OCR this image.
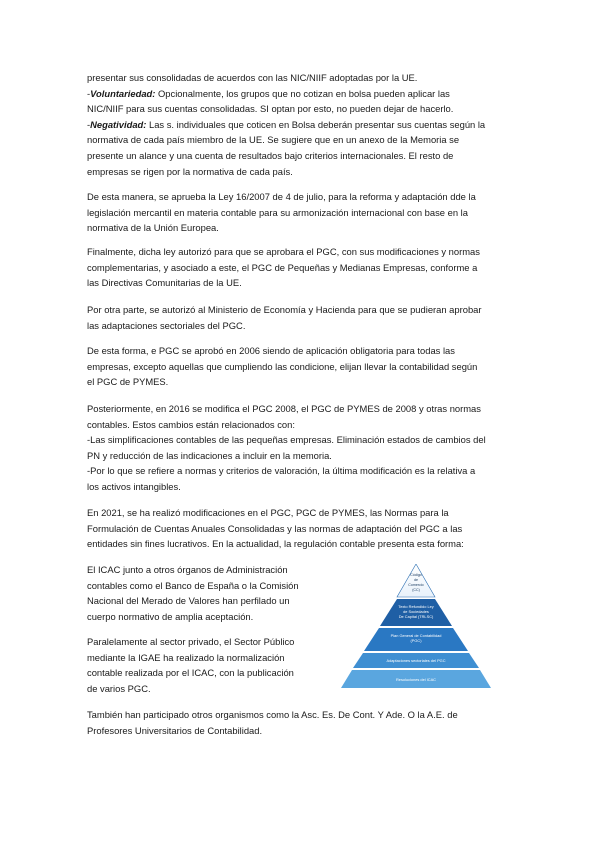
presentar sus consolidadas de acuerdos con las NIC/NIIF adoptadas por la UE.
-Voluntariedad: Opcionalmente, los grupos que no cotizan en bolsa pueden aplicar las
NIC/NIIF para sus cuentas consolidadas. SI optan por esto, no pueden dejar de hacerlo.
-Negatividad: Las s. individuales que coticen en Bolsa deberán presentar sus cuentas según la
normativa de cada país miembro de la UE. Se sugiere que en un anexo de la Memoria se
presente un alance y una cuenta de resultados bajo criterios internacionales. El resto de
empresas se rigen por la normativa de cada país.
De esta manera, se aprueba la Ley 16/2007 de 4 de julio, para la reforma y adaptación dde la
legislación mercantil en materia contable para su armonización internacional con base en la
normativa de la Unión Europea.
Finalmente, dicha ley autorizó para que se aprobara el PGC, con sus modificaciones y normas
complementarias, y asociado a este, el PGC de Pequeñas y Medianas Empresas, conforme a
las Directivas Comunitarias de la UE.
Por otra parte, se autorizó al Ministerio de Economía y Hacienda para que se pudieran aprobar
las adaptaciones sectoriales del PGC.
De esta forma, e PGC se aprobó en 2006 siendo de aplicación obligatoria para todas las
empresas, excepto aquellas que cumpliendo las condicione, elijan llevar la contabilidad según
el PGC de PYMES.
Posteriormente, en 2016 se modifica el PGC 2008, el PGC de PYMES de 2008 y otras normas
contables. Estos cambios están relacionados con:
-Las simplificaciones contables de las pequeñas empresas. Eliminación estados de cambios del
PN y reducción de las indicaciones a incluir en la memoria.
-Por lo que se refiere a normas y criterios de valoración, la última modificación es la relativa a
los activos intangibles.
En 2021, se ha realizó modificaciones en el PGC, PGC de PYMES, las Normas para la
Formulación de Cuentas Anuales Consolidadas y las normas de adaptación del PGC a las
entidades sin fines lucrativos. En la actualidad, la regulación contable presenta esta forma:
El ICAC junto a otros órganos de Administración
contables como el Banco de España o la Comisión
Nacional del Merado de Valores han perfilado un
cuerpo normativo de amplia aceptación.
Paralelamente al sector privado, el Sector Público
mediante la IGAE ha realizado la normalización
contable realizada por el ICAC, con la publicación
de varios PGC.
También han participado otros organismos como la Asc. Es. De Cont. Y Ade. O la A.E. de
Profesores Universitarios de Contabilidad.
Código
de
Comercio
(CC)
Texto Refundido Ley
de Sociedades
De Capital (TRLSC)
Plan General de Contabilidad
(PGC)
Adaptaciones sectoriales del PGC
Resoluciones del ICAC
